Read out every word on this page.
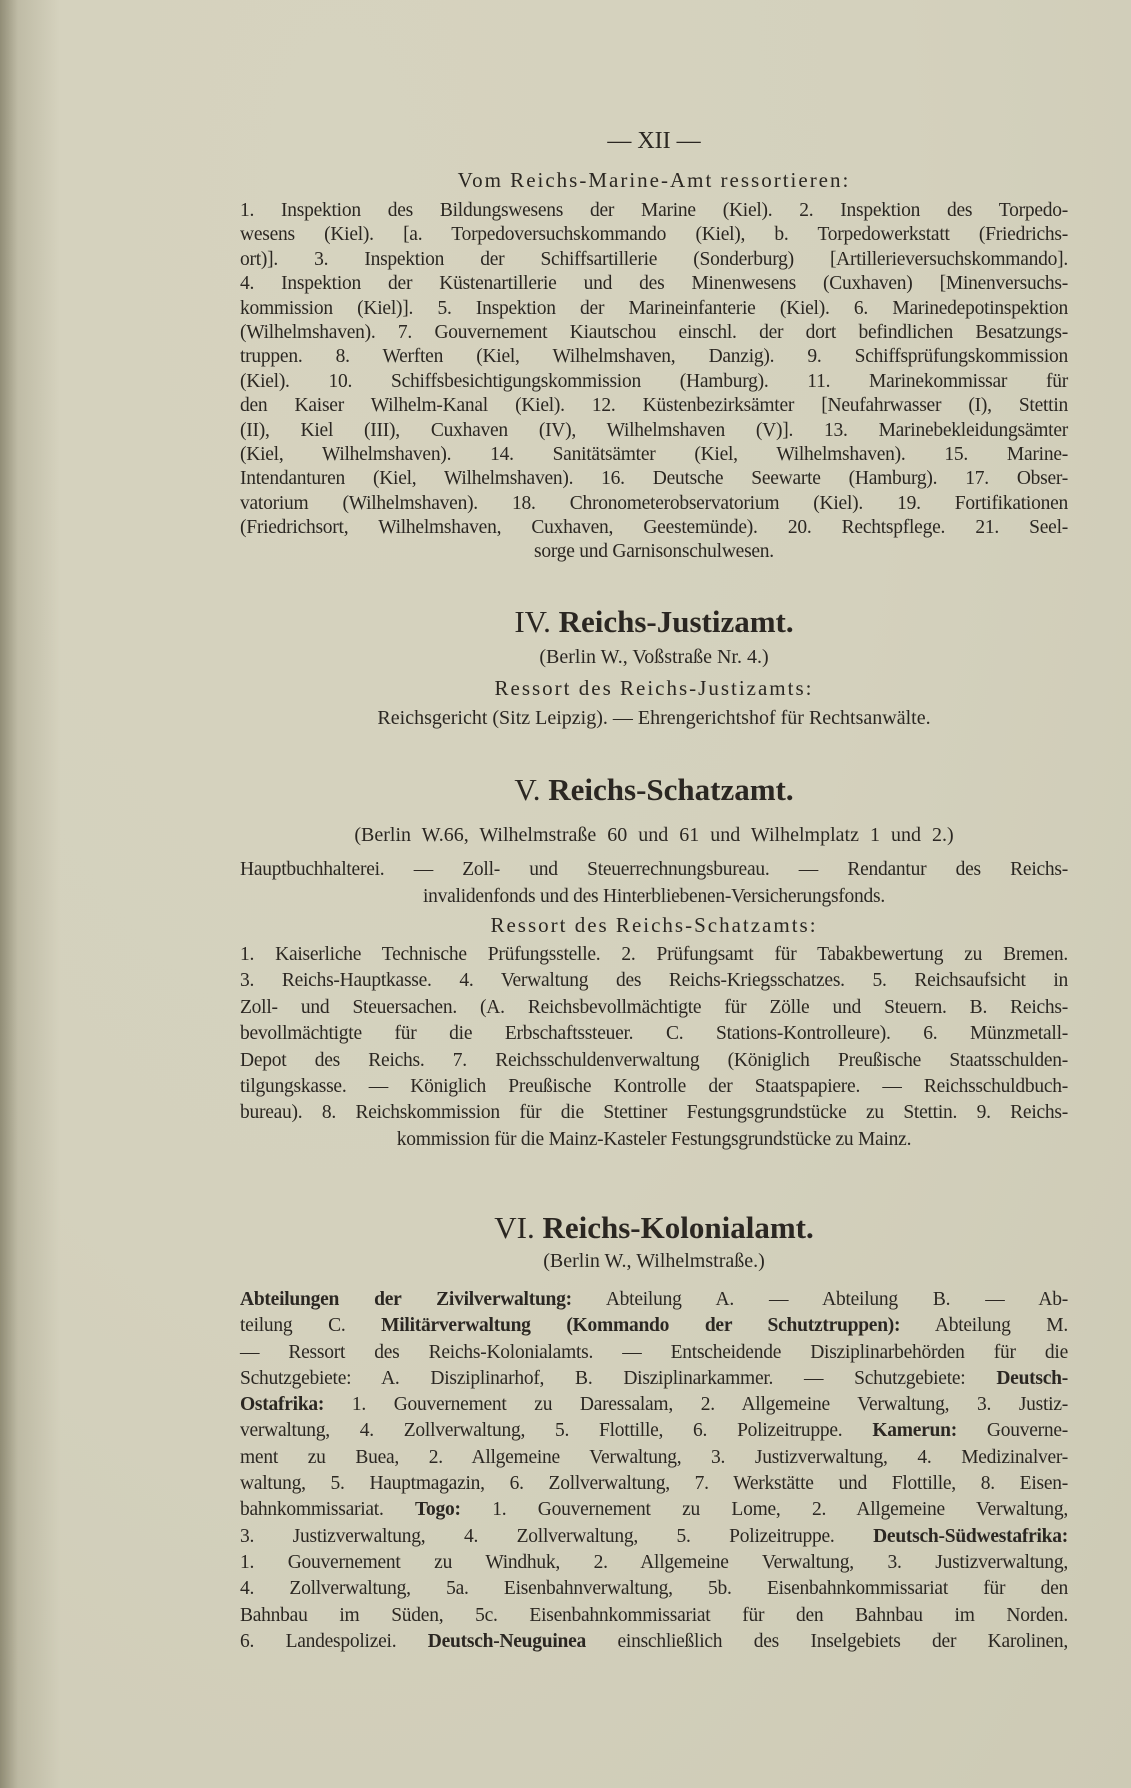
— XII —
Vom Reichs-Marine-Amt ressortieren:
1. Inspektion des Bildungswesens der Marine (Kiel). 2. Inspektion des Torpedo-
wesens (Kiel). [a. Torpedoversuchskommando (Kiel), b. Torpedowerkstatt (Friedrichs-
ort)]. 3. Inspektion der Schiffsartillerie (Sonderburg) [Artillerieversuchskommando].
4. Inspektion der Küstenartillerie und des Minenwesens (Cuxhaven) [Minenversuchs-
kommission (Kiel)]. 5. Inspektion der Marineinfanterie (Kiel). 6. Marinedepotinspektion
(Wilhelmshaven). 7. Gouvernement Kiautschou einschl. der dort befindlichen Besatzungs-
truppen. 8. Werften (Kiel, Wilhelmshaven, Danzig). 9. Schiffsprüfungskommission
(Kiel). 10. Schiffsbesichtigungskommission (Hamburg). 11. Marinekommissar für
den Kaiser Wilhelm-Kanal (Kiel). 12. Küstenbezirksämter [Neufahrwasser (I), Stettin
(II), Kiel (III), Cuxhaven (IV), Wilhelmshaven (V)]. 13. Marinebekleidungsämter
(Kiel, Wilhelmshaven). 14. Sanitätsämter (Kiel, Wilhelmshaven). 15. Marine-
Intendanturen (Kiel, Wilhelmshaven). 16. Deutsche Seewarte (Hamburg). 17. Obser-
vatorium (Wilhelmshaven). 18. Chronometerobservatorium (Kiel). 19. Fortifikationen
(Friedrichsort, Wilhelmshaven, Cuxhaven, Geestemünde). 20. Rechtspflege. 21. Seel-
sorge und Garnisonschulwesen.
IV. Reichs-Justizamt.
(Berlin W., Voßstraße Nr. 4.)
Ressort des Reichs-Justizamts:
Reichsgericht (Sitz Leipzig). — Ehrengerichtshof für Rechtsanwälte.
V. Reichs-Schatzamt.
(Berlin W.66, Wilhelmstraße 60 und 61 und Wilhelmplatz 1 und 2.)
Hauptbuchhalterei. — Zoll- und Steuerrechnungsbureau. — Rendantur des Reichs-
invalidenfonds und des Hinterbliebenen-Versicherungsfonds.
Ressort des Reichs-Schatzamts:
1. Kaiserliche Technische Prüfungsstelle. 2. Prüfungsamt für Tabakbewertung zu Bremen.
3. Reichs-Hauptkasse. 4. Verwaltung des Reichs-Kriegsschatzes. 5. Reichsaufsicht in
Zoll- und Steuersachen. (A. Reichsbevollmächtigte für Zölle und Steuern. B. Reichs-
bevollmächtigte für die Erbschaftssteuer. C. Stations-Kontrolleure). 6. Münzmetall-
Depot des Reichs. 7. Reichsschuldenverwaltung (Königlich Preußische Staatsschulden-
tilgungskasse. — Königlich Preußische Kontrolle der Staatspapiere. — Reichsschuldbuch-
bureau). 8. Reichskommission für die Stettiner Festungsgrundstücke zu Stettin. 9. Reichs-
kommission für die Mainz-Kasteler Festungsgrundstücke zu Mainz.
VI. Reichs-Kolonialamt.
(Berlin W., Wilhelmstraße.)
Abteilungen der Zivilverwaltung: Abteilung A. — Abteilung B. — Ab-
teilung C. Militärverwaltung (Kommando der Schutztruppen): Abteilung M.
— Ressort des Reichs-Kolonialamts. — Entscheidende Disziplinarbehörden für die
Schutzgebiete: A. Disziplinarhof, B. Disziplinarkammer. — Schutzgebiete: Deutsch-
Ostafrika: 1. Gouvernement zu Daressalam, 2. Allgemeine Verwaltung, 3. Justiz-
verwaltung, 4. Zollverwaltung, 5. Flottille, 6. Polizeitruppe. Kamerun: Gouverne-
ment zu Buea, 2. Allgemeine Verwaltung, 3. Justizverwaltung, 4. Medizinalver-
waltung, 5. Hauptmagazin, 6. Zollverwaltung, 7. Werkstätte und Flottille, 8. Eisen-
bahnkommissariat. Togo: 1. Gouvernement zu Lome, 2. Allgemeine Verwaltung,
3. Justizverwaltung, 4. Zollverwaltung, 5. Polizeitruppe. Deutsch-Südwestafrika:
1. Gouvernement zu Windhuk, 2. Allgemeine Verwaltung, 3. Justizverwaltung,
4. Zollverwaltung, 5a. Eisenbahnverwaltung, 5b. Eisenbahnkommissariat für den
Bahnbau im Süden, 5c. Eisenbahnkommissariat für den Bahnbau im Norden.
6. Landespolizei. Deutsch-Neuguinea einschließlich des Inselgebiets der Karolinen,
